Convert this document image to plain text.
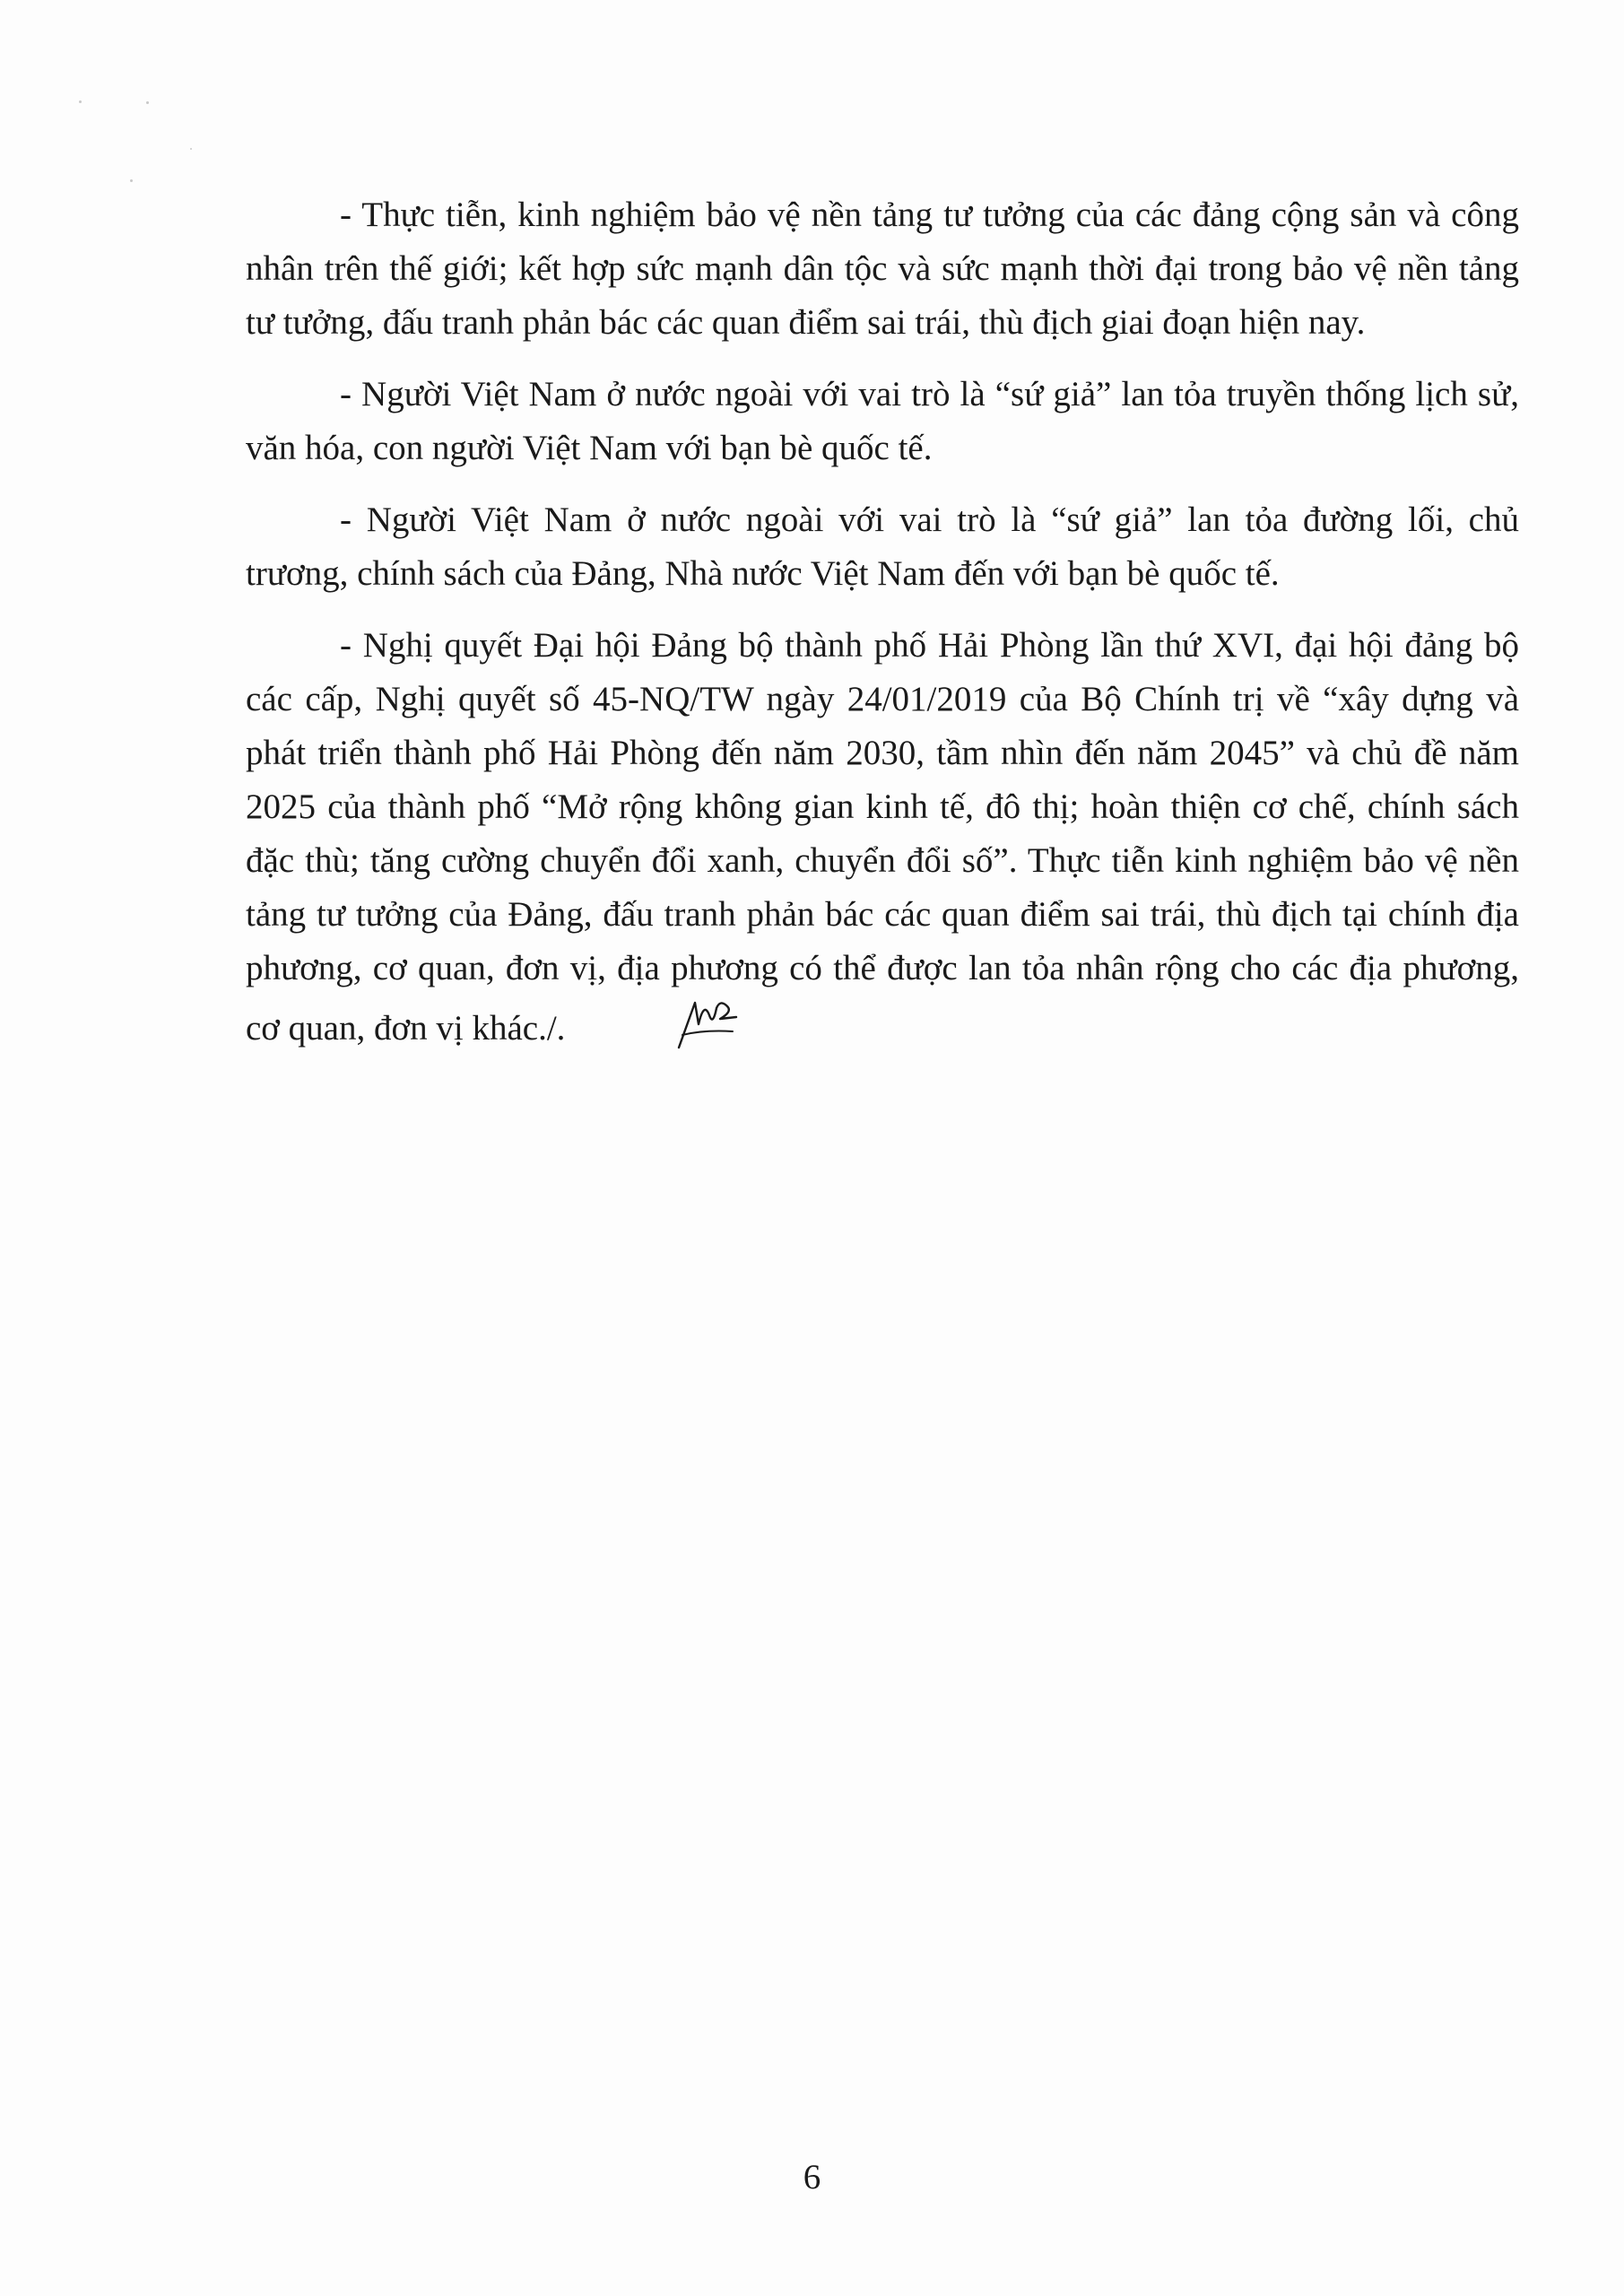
- Thực tiễn, kinh nghiệm bảo vệ nền tảng tư tưởng của các đảng cộng sản và công nhân trên thế giới; kết hợp sức mạnh dân tộc và sức mạnh thời đại trong bảo vệ nền tảng tư tưởng, đấu tranh phản bác các quan điểm sai trái, thù địch giai đoạn hiện nay.

- Người Việt Nam ở nước ngoài với vai trò là “sứ giả” lan tỏa truyền thống lịch sử, văn hóa, con người Việt Nam với bạn bè quốc tế.

- Người Việt Nam ở nước ngoài với vai trò là “sứ giả” lan tỏa đường lối, chủ trương, chính sách của Đảng, Nhà nước Việt Nam đến với bạn bè quốc tế.

- Nghị quyết Đại hội Đảng bộ thành phố Hải Phòng lần thứ XVI, đại hội đảng bộ các cấp, Nghị quyết số 45-NQ/TW ngày 24/01/2019 của Bộ Chính trị về “xây dựng và phát triển thành phố Hải Phòng đến năm 2030, tầm nhìn đến năm 2045” và chủ đề năm 2025 của thành phố “Mở rộng không gian kinh tế, đô thị; hoàn thiện cơ chế, chính sách đặc thù; tăng cường chuyển đổi xanh, chuyển đổi số”. Thực tiễn kinh nghiệm bảo vệ nền tảng tư tưởng của Đảng, đấu tranh phản bác các quan điểm sai trái, thù địch tại chính địa phương, cơ quan, đơn vị, địa phương có thể được lan tỏa nhân rộng cho các địa phương, cơ quan, đơn vị khác./.

6
